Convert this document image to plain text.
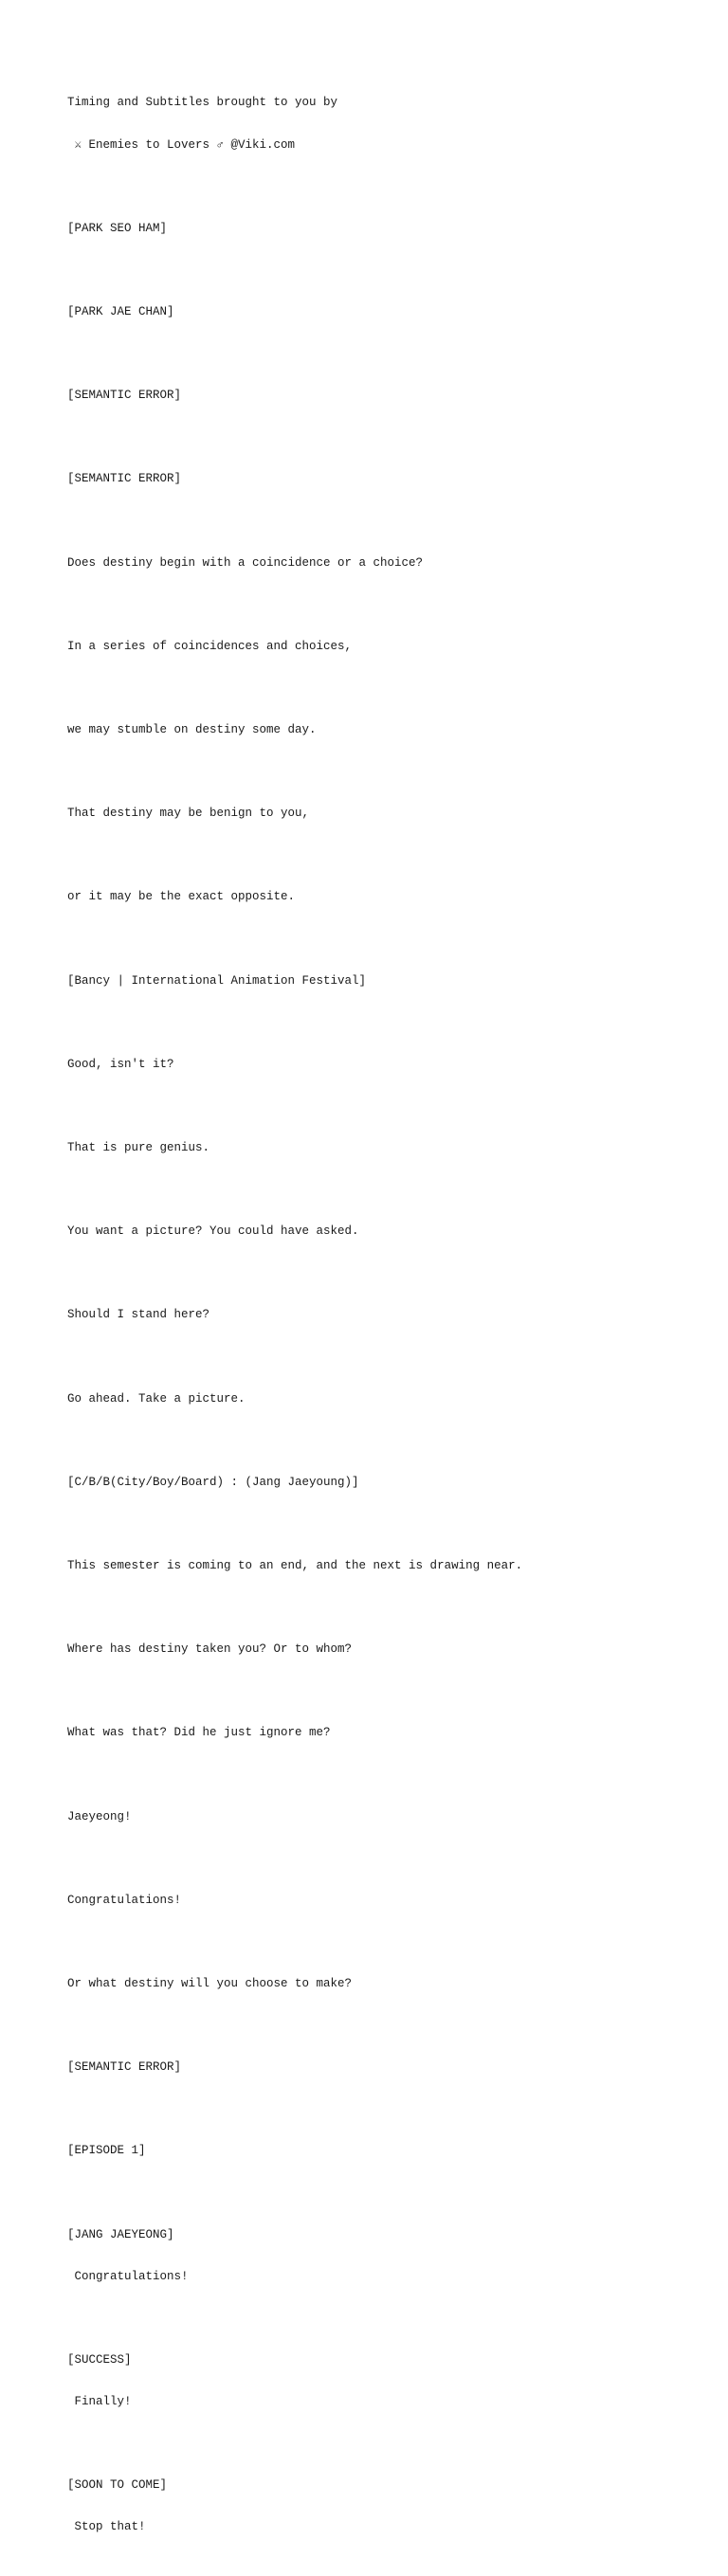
Timing and Subtitles brought to you by

⚔ Enemies to Lovers ♂ @Viki.com

[PARK SEO HAM]

[PARK JAE CHAN]

[SEMANTIC ERROR]

[SEMANTIC ERROR]

Does destiny begin with a coincidence or a choice?

In a series of coincidences and choices,

we may stumble on destiny some day.

That destiny may be benign to you,

or it may be the exact opposite.

[Bancy | International Animation Festival]

Good, isn't it?

That is pure genius.

You want a picture? You could have asked.

Should I stand here?

Go ahead. Take a picture.

[C/B/B(City/Boy/Board) : (Jang Jaeyoung)]

This semester is coming to an end, and the next is drawing near.

Where has destiny taken you? Or to whom?

What was that? Did he just ignore me?

Jaeyeong!

Congratulations!

Or what destiny will you choose to make?

[SEMANTIC ERROR]

[EPISODE 1]

[JANG JAEYEONG]

Congratulations!

[SUCCESS]

Finally!

[SOON TO COME]

Stop that!
